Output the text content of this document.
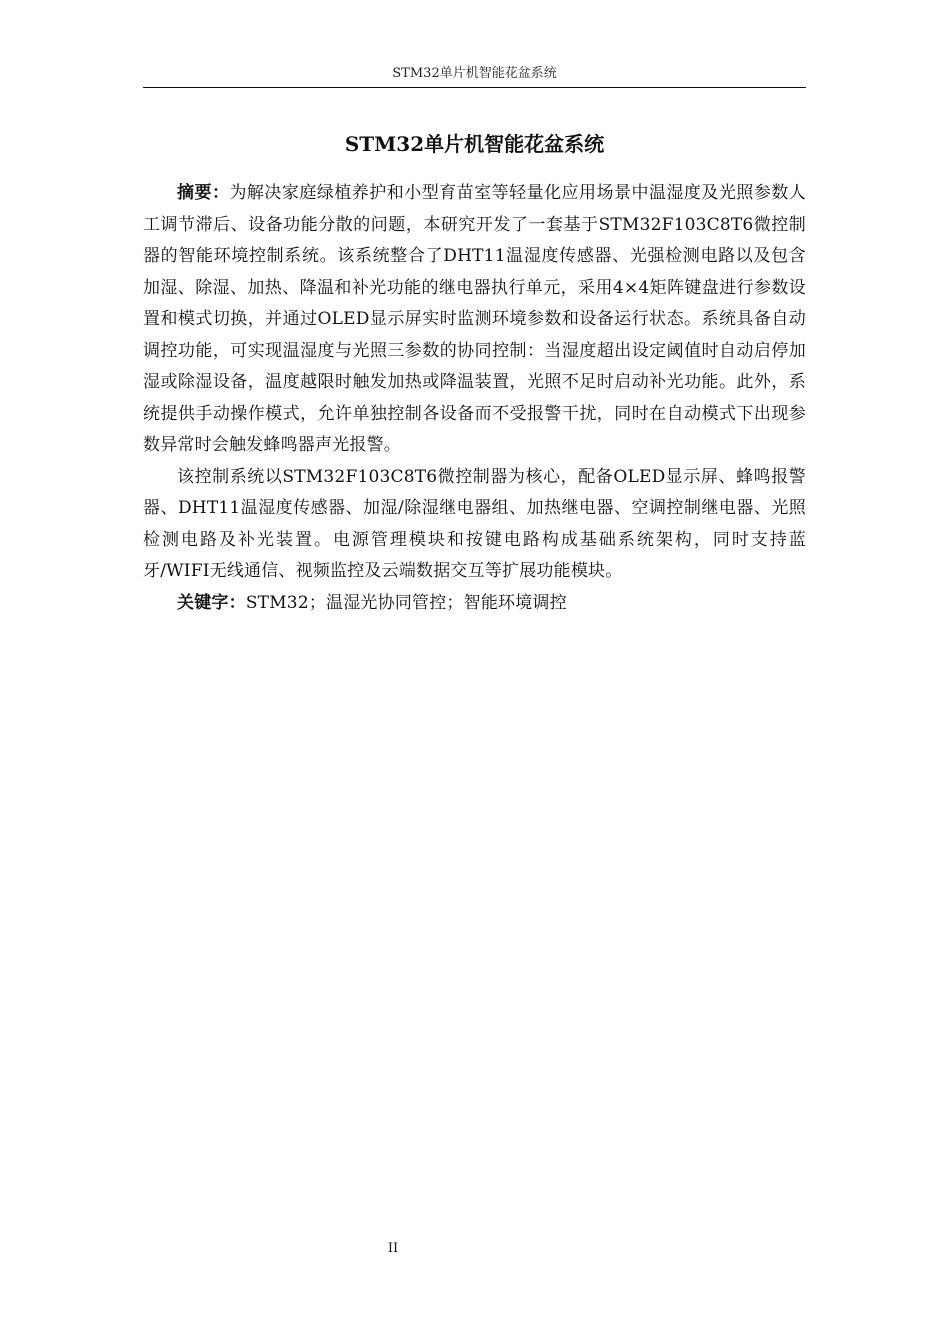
STM32单片机智能花盆系统
STM32单片机智能花盆系统

摘要：为解决家庭绿植养护和小型育苗室等轻量化应用场景中温湿度及光照参数人工调节滞后、设备功能分散的问题，本研究开发了一套基于STM32F103C8T6微控制器的智能环境控制系统。该系统整合了DHT11温湿度传感器、光强检测电路以及包含加湿、除湿、加热、降温和补光功能的继电器执行单元，采用4×4矩阵键盘进行参数设置和模式切换，并通过OLED显示屏实时监测环境参数和设备运行状态。系统具备自动调控功能，可实现温湿度与光照三参数的协同控制：当湿度超出设定阈值时自动启停加湿或除湿设备，温度越限时触发加热或降温装置，光照不足时启动补光功能。此外，系统提供手动操作模式，允许单独控制各设备而不受报警干扰，同时在自动模式下出现参数异常时会触发蜂鸣器声光报警。

该控制系统以STM32F103C8T6微控制器为核心，配备OLED显示屏、蜂鸣报警器、DHT11温湿度传感器、加湿/除湿继电器组、加热继电器、空调控制继电器、光照检测电路及补光装置。电源管理模块和按键电路构成基础系统架构，同时支持蓝牙/WIFI无线通信、视频监控及云端数据交互等扩展功能模块。

关键字：STM32；温湿光协同管控；智能环境调控

II
